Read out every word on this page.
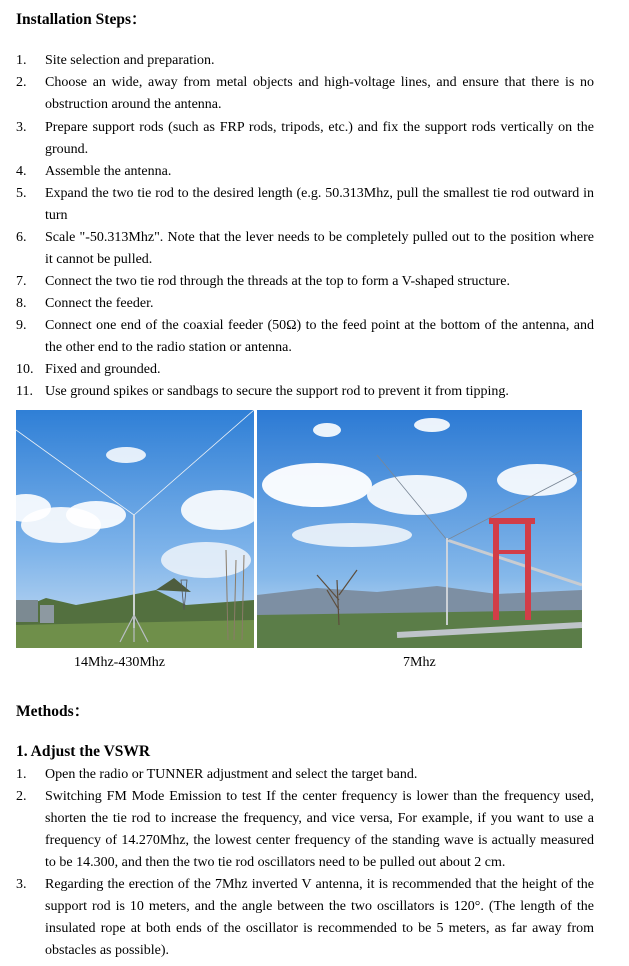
Installation Steps：
1. Site selection and preparation.
2. Choose an wide, away from metal objects and high-voltage lines, and ensure that there is no obstruction around the antenna.
3. Prepare support rods (such as FRP rods, tripods, etc.) and fix the support rods vertically on the ground.
4. Assemble the antenna.
5. Expand the two tie rod to the desired length (e.g. 50.313Mhz, pull the smallest tie rod outward in turn
6. Scale "-50.313Mhz". Note that the lever needs to be completely pulled out to the position where it cannot be pulled.
7. Connect the two tie rod through the threads at the top to form a V-shaped structure.
8. Connect the feeder.
9. Connect one end of the coaxial feeder (50Ω) to the feed point at the bottom of the antenna, and the other end to the radio station or antenna.
10. Fixed and grounded.
11. Use ground spikes or sandbags to secure the support rod to prevent it from tipping.
14Mhz-430Mhz	7Mhz
Methods：
1. Adjust the VSWR
1. Open the radio or TUNNER adjustment and select the target band.
2. Switching FM Mode Emission to test If the center frequency is lower than the frequency used, shorten the tie rod to increase the frequency, and vice versa, For example, if you want to use a frequency of 14.270Mhz, the lowest center frequency of the standing wave is actually measured to be 14.300, and then the two tie rod oscillators need to be pulled out about 2 cm.
3. Regarding the erection of the 7Mhz inverted V antenna, it is recommended that the height of the support rod is 10 meters, and the angle between the two oscillators is 120°. (The length of the insulated rope at both ends of the oscillator is recommended to be 5 meters, as far away from obstacles as possible).
